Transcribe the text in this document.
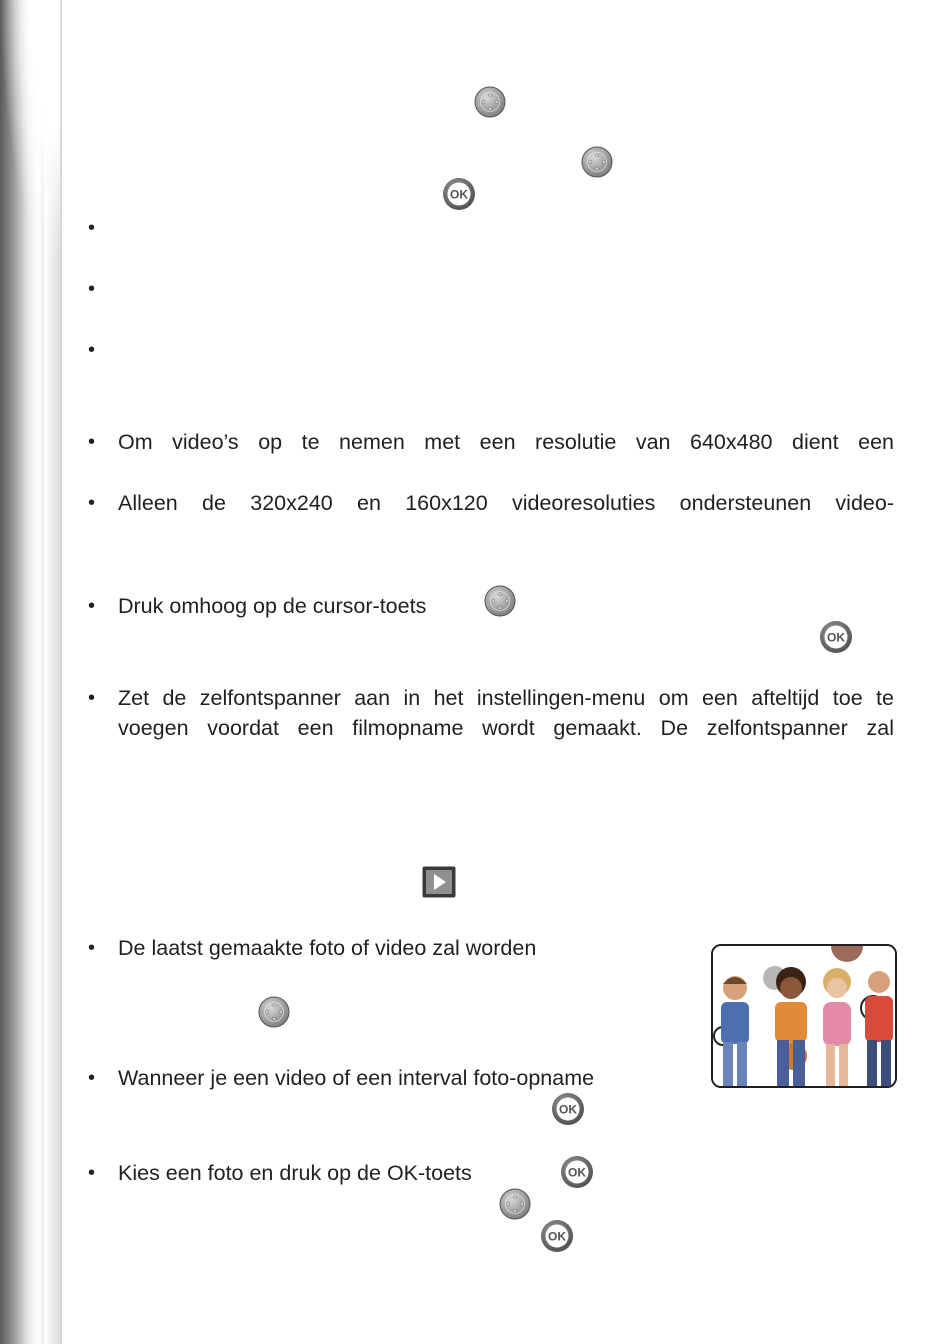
•
•
•
• Om video’s op te nemen met een resolutie van 640x480 dient een
• Alleen de 320x240 en 160x120 videoresoluties ondersteunen video-
• Druk omhoog op de cursor-toets
• Zet de zelfontspanner aan in het instellingen-menu om een afteltijd toe te
voegen voordat een filmopname wordt gemaakt. De zelfontspanner zal
• De laatst gemaakte foto of video zal worden
• Wanneer je een video of een interval foto-opname
• Kies een foto en druk op de OK-toets
